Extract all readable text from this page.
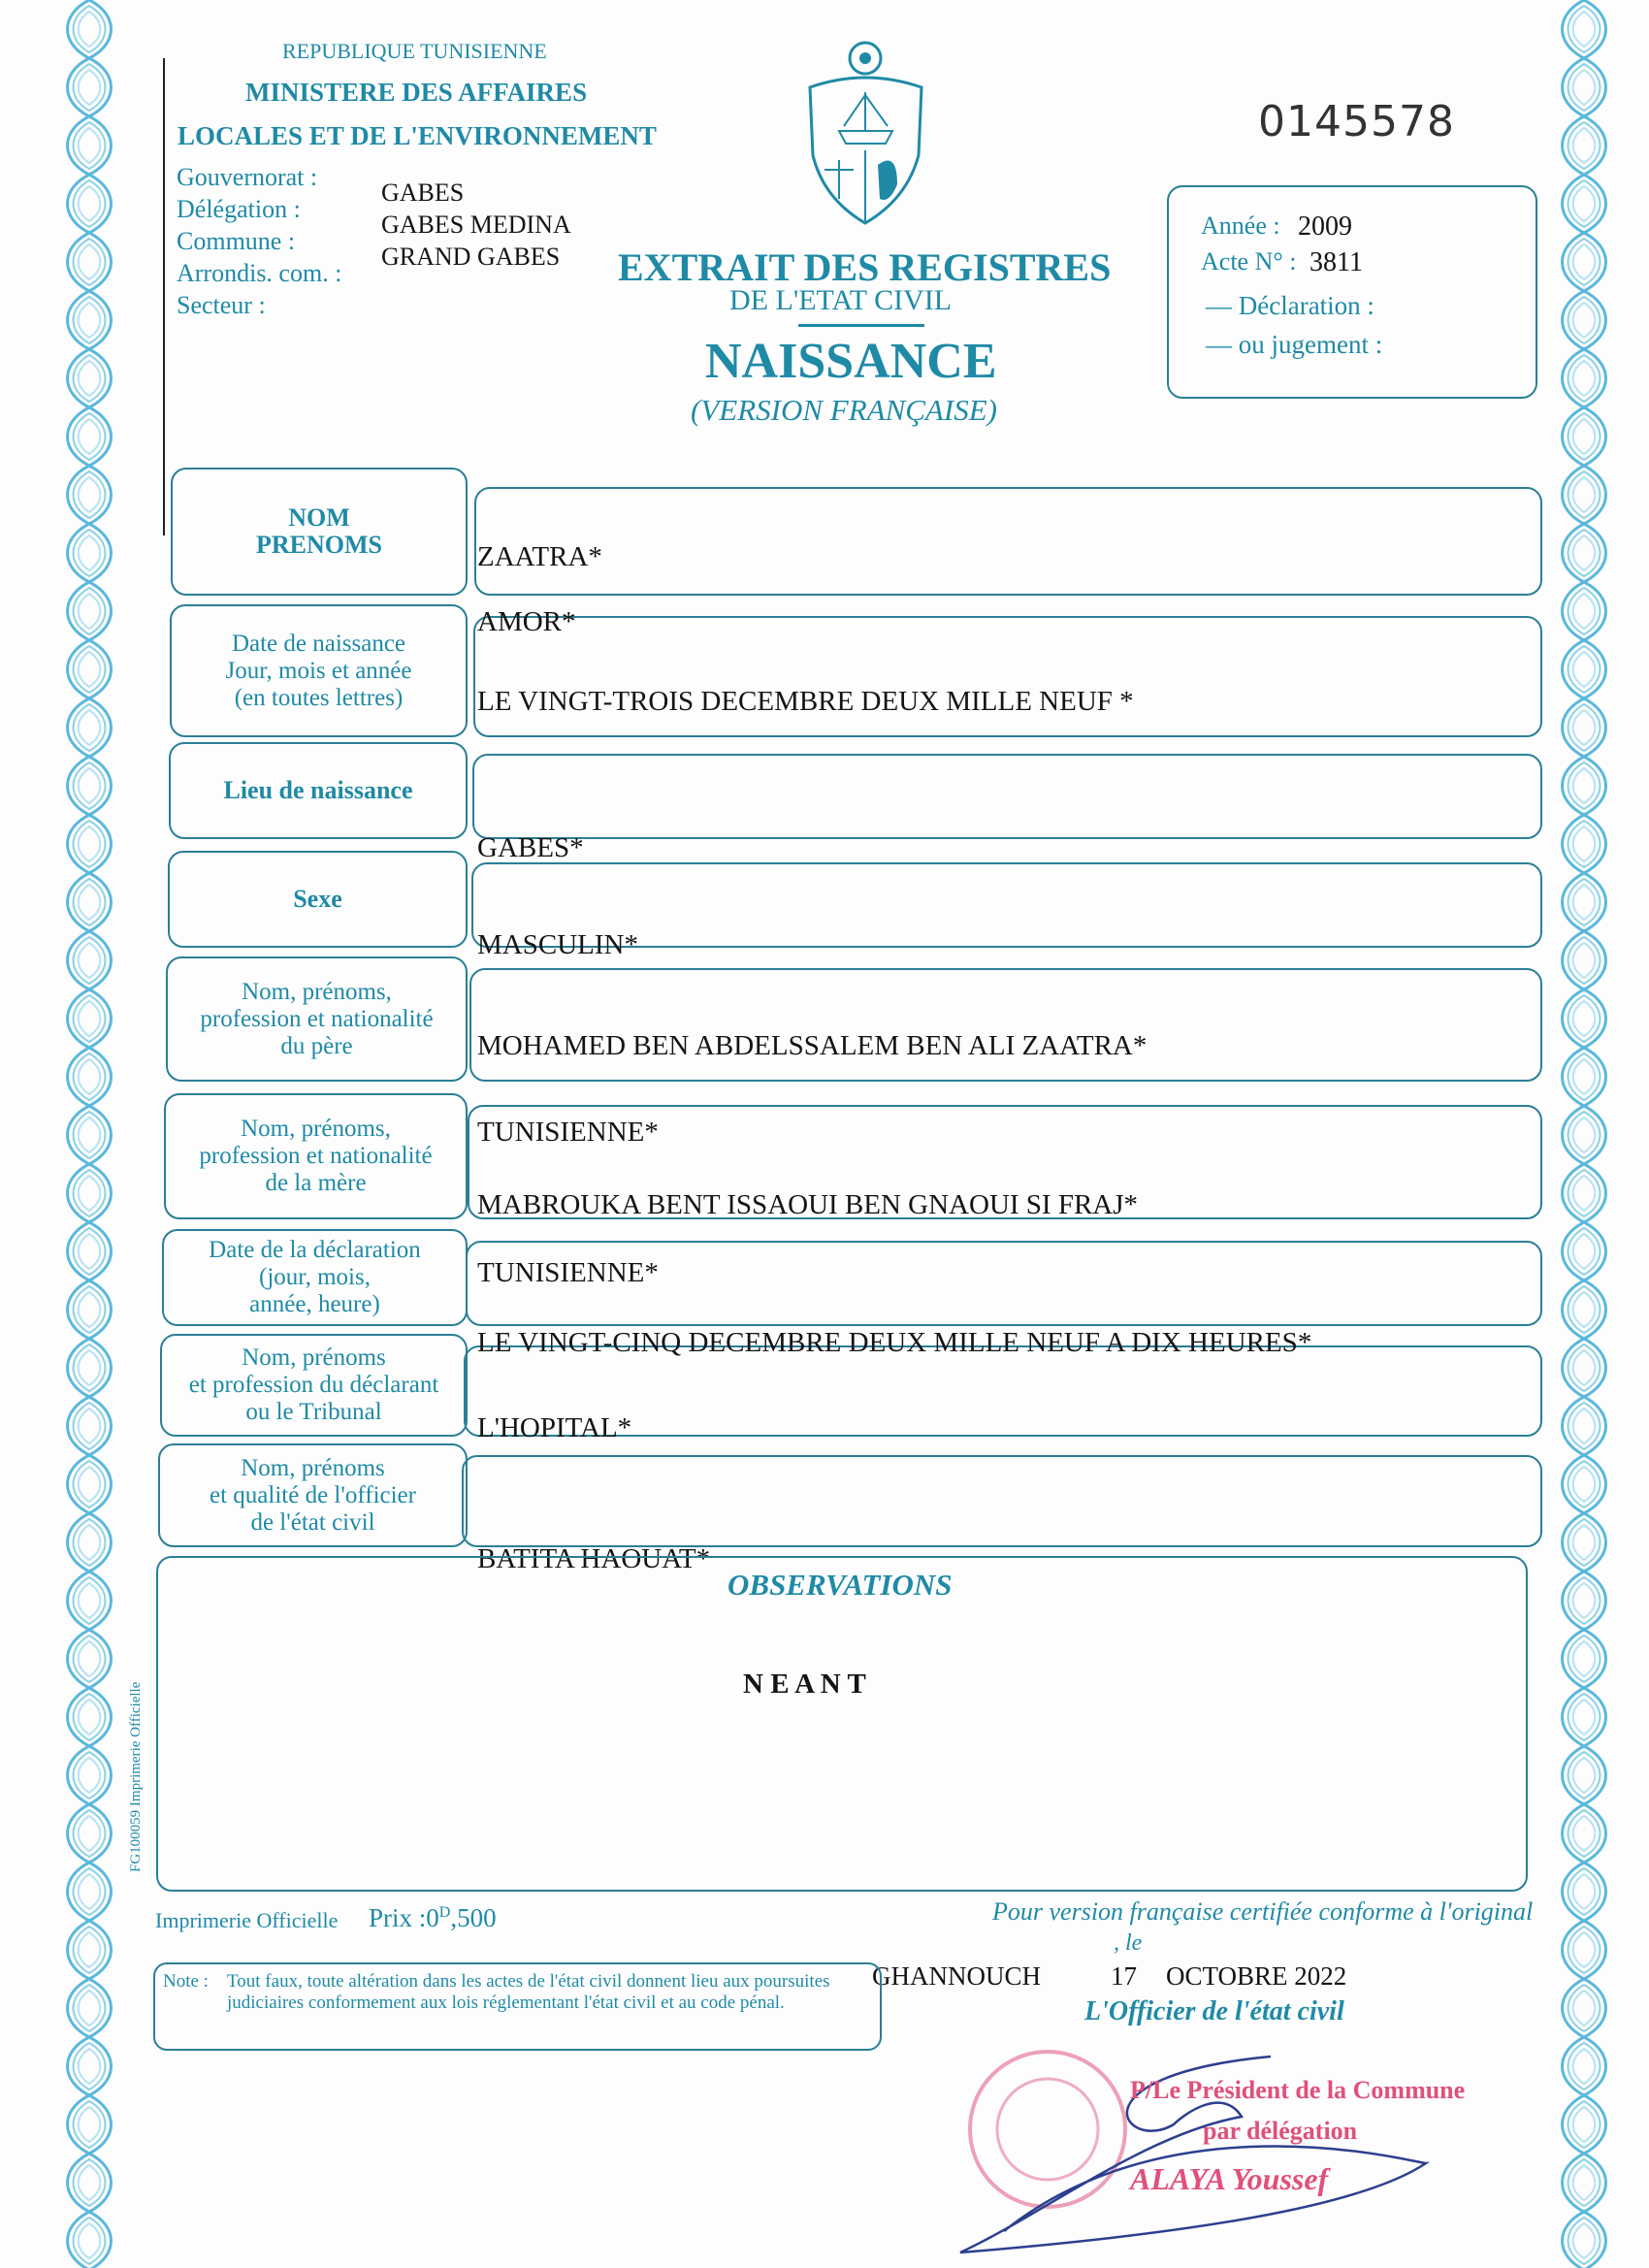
REPUBLIQUE TUNISIENNE
MINISTERE DES AFFAIRES
LOCALES ET DE L'ENVIRONNEMENT
Gouvernorat :
Délégation :
Commune :
Arrondis. com. :
Secteur :
GABES
GABES MEDINA
GRAND GABES
0145578
EXTRAIT DES REGISTRES
DE L'ETAT CIVIL
NAISSANCE
(VERSION FRANÇAISE)
Année : 2009
Acte N° : 3811
— Déclaration :
— ou jugement :
NOM
PRENOMS
Date de naissance
Jour, mois et année
(en toutes lettres)
Lieu de naissance
Sexe
Nom, prénoms,
profession et nationalité
du père
Nom, prénoms,
profession et nationalité
de la mère
Date de la déclaration
(jour, mois,
année, heure)
Nom, prénoms
et profession du déclarant
ou le Tribunal
Nom, prénoms
et qualité de l'officier
de l'état civil
ZAATRA*
AMOR*
LE VINGT-TROIS DECEMBRE DEUX MILLE NEUF *
GABES*
MASCULIN*
MOHAMED BEN ABDELSSALEM BEN ALI ZAATRA*
TUNISIENNE*
MABROUKA BENT ISSAOUI BEN GNAOUI SI FRAJ*
TUNISIENNE*
LE VINGT-CINQ DECEMBRE DEUX MILLE NEUF A DIX HEURES*
L'HOPITAL*
BATITA HAOUAT*
OBSERVATIONS
N E A N T
FG100059 Imprimerie Officielle
Imprimerie Officielle Prix $:0^D,500$	Pour version française certifiée conforme à l'original
, le
GHANNOUCH	17 OCTOBRE 2022
L'Officier de l'état civil
Note : Tout faux, toute altération dans les actes de l'état civil donnent lieu aux poursuites judiciaires conformement aux lois réglementant l'état civil et au code pénal.
P/Le Président de la Commune
par délégation
ALAYA Youssef
